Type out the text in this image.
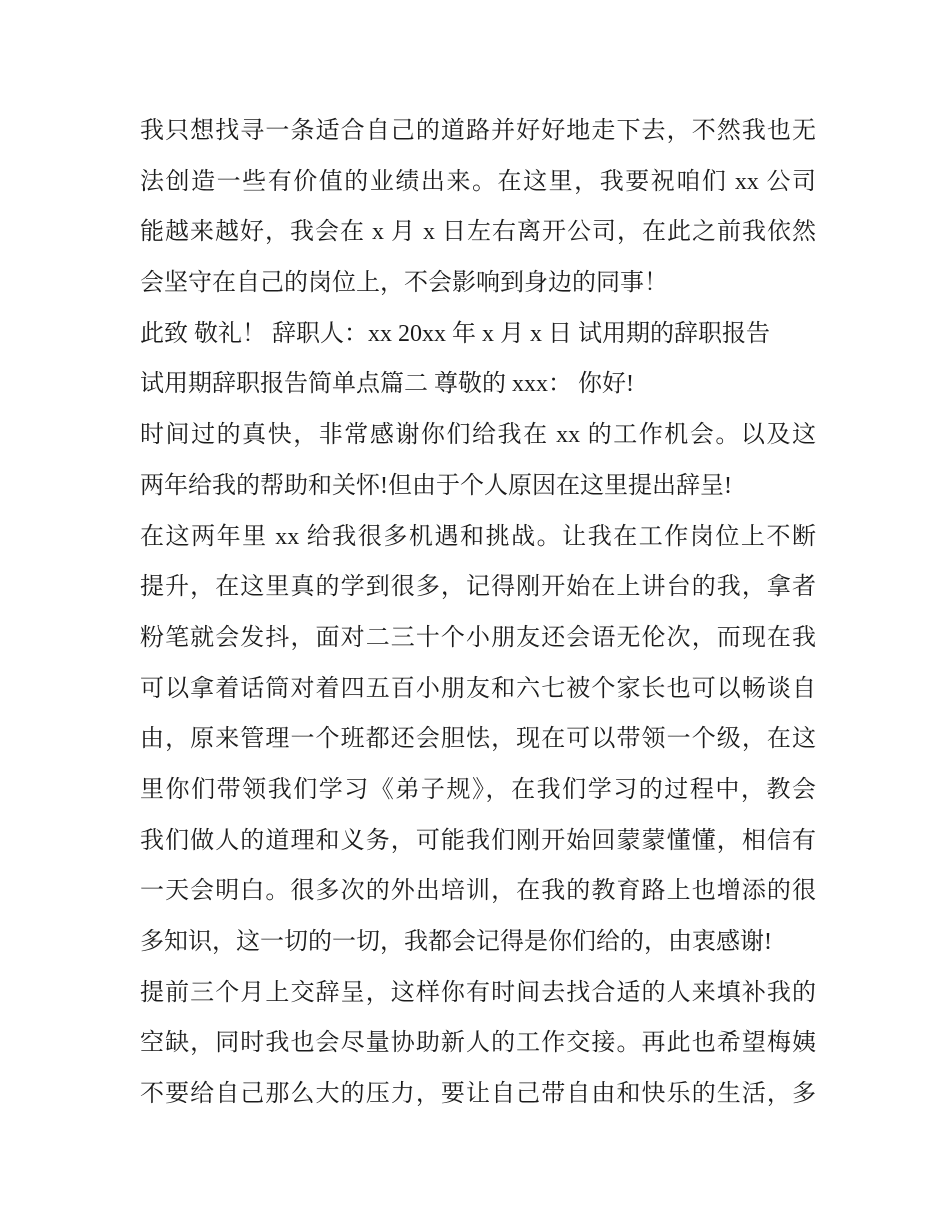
我只想找寻一条适合自己的道路并好好地走下去，不然我也无
法创造一些有价值的业绩出来。在这里，我要祝咱们 xx 公司
能越来越好，我会在 x 月 x 日左右离开公司，在此之前我依然
会坚守在自己的岗位上，不会影响到身边的同事！
此致 敬礼！ 辞职人：xx 20xx 年 x 月 x 日 试用期的辞职报告
试用期辞职报告简单点篇二 尊敬的 xxx： 你好!
时间过的真快，非常感谢你们给我在 xx 的工作机会。以及这
两年给我的帮助和关怀!但由于个人原因在这里提出辞呈!
在这两年里 xx 给我很多机遇和挑战。让我在工作岗位上不断
提升，在这里真的学到很多，记得刚开始在上讲台的我，拿者
粉笔就会发抖，面对二三十个小朋友还会语无伦次，而现在我
可以拿着话筒对着四五百小朋友和六七被个家长也可以畅谈自
由，原来管理一个班都还会胆怯，现在可以带领一个级，在这
里你们带领我们学习《弟子规》，在我们学习的过程中，教会
我们做人的道理和义务，可能我们刚开始回蒙蒙懂懂，相信有
一天会明白。很多次的外出培训，在我的教育路上也增添的很
多知识，这一切的一切，我都会记得是你们给的，由衷感谢!
提前三个月上交辞呈，这样你有时间去找合适的人来填补我的
空缺，同时我也会尽量协助新人的工作交接。再此也希望梅姨
不要给自己那么大的压力，要让自己带自由和快乐的生活，多
